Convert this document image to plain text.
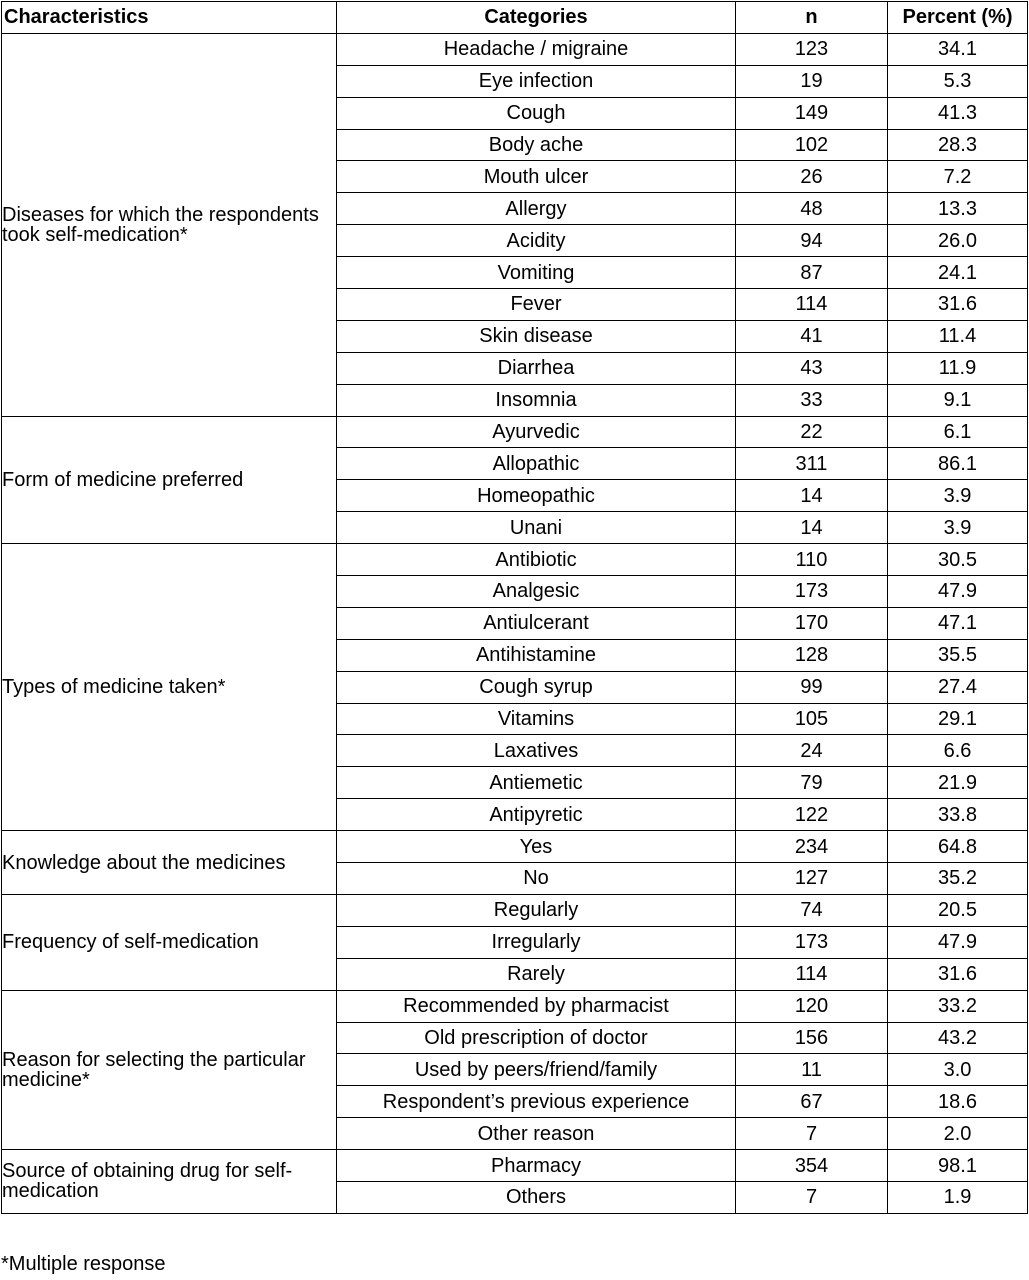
Characteristics	Categories	n	Percent (%)
Diseases for which the respondents took self-medication*	Headache / migraine	123	34.1
	Eye infection	19	5.3
	Cough	149	41.3
	Body ache	102	28.3
	Mouth ulcer	26	7.2
	Allergy	48	13.3
	Acidity	94	26.0
	Vomiting	87	24.1
	Fever	114	31.6
	Skin disease	41	11.4
	Diarrhea	43	11.9
	Insomnia	33	9.1
Form of medicine preferred	Ayurvedic	22	6.1
	Allopathic	311	86.1
	Homeopathic	14	3.9
	Unani	14	3.9
Types of medicine taken*	Antibiotic	110	30.5
	Analgesic	173	47.9
	Antiulcerant	170	47.1
	Antihistamine	128	35.5
	Cough syrup	99	27.4
	Vitamins	105	29.1
	Laxatives	24	6.6
	Antiemetic	79	21.9
	Antipyretic	122	33.8
Knowledge about the medicines	Yes	234	64.8
	No	127	35.2
Frequency of self-medication	Regularly	74	20.5
	Irregularly	173	47.9
	Rarely	114	31.6
Reason for selecting the particular medicine*	Recommended by pharmacist	120	33.2
	Old prescription of doctor	156	43.2
	Used by peers/friend/family	11	3.0
	Respondent’s previous experience	67	18.6
	Other reason	7	2.0
Source of obtaining drug for self-medication	Pharmacy	354	98.1
	Others	7	1.9
*Multiple response
